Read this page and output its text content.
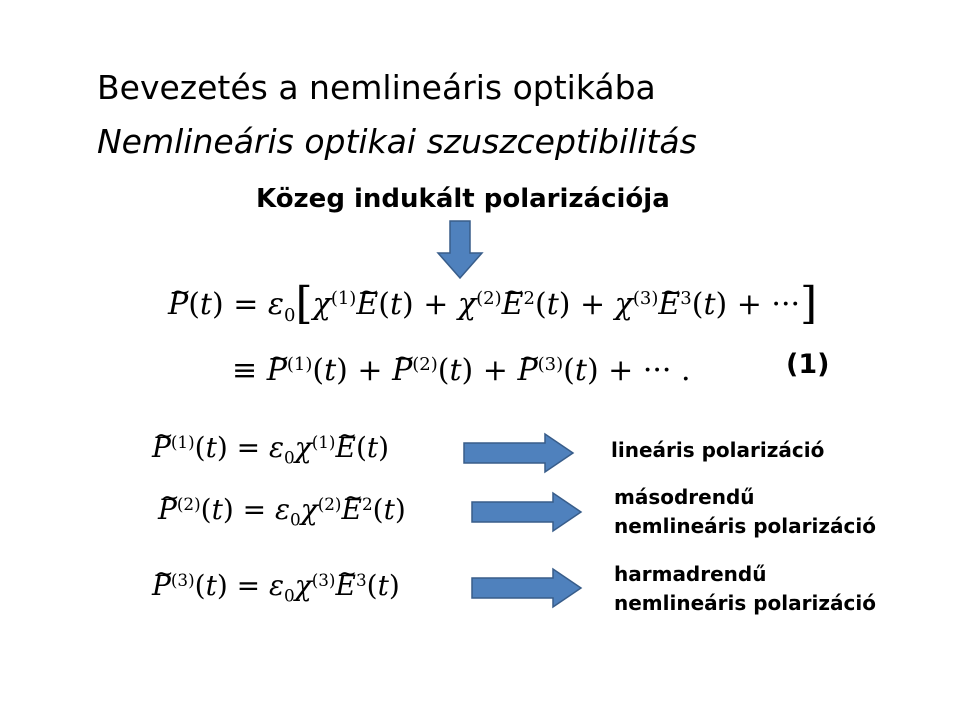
Bevezetés a nemlineáris optikába
Nemlineáris optikai szuszceptibilitás
Közeg indukált polarizációja
~ $P(t) = \varepsilon_0[\chi^{(1)}\sim$ $E(t) + \chi^{(2)}\sim$ $E^2(t)$ + $\chi^{(3)}\sim$ $E^3(t)$ + ···]
≡ ~ $P^{(1)}(t)$ + ~ $P^{(2)}(t)$ + ~ $P^{(3)}(t)$ + ··· .	(1)
~ $P^{(1)}(t)$ = $\varepsilon_0\chi^{(1)}\sim$ E(t)	lineáris polarizáció
~ $P^{(2)}(t)$ = $\varepsilon_0\chi^{(2)}\sim$ $E^2(t)$	másodrendű
nemlineáris polarizáció
~ $P^{(3)}(t)$ = $\varepsilon_0\chi^{(3)}\sim$ $E^3(t)$	harmadrendű
nemlineáris polarizáció
